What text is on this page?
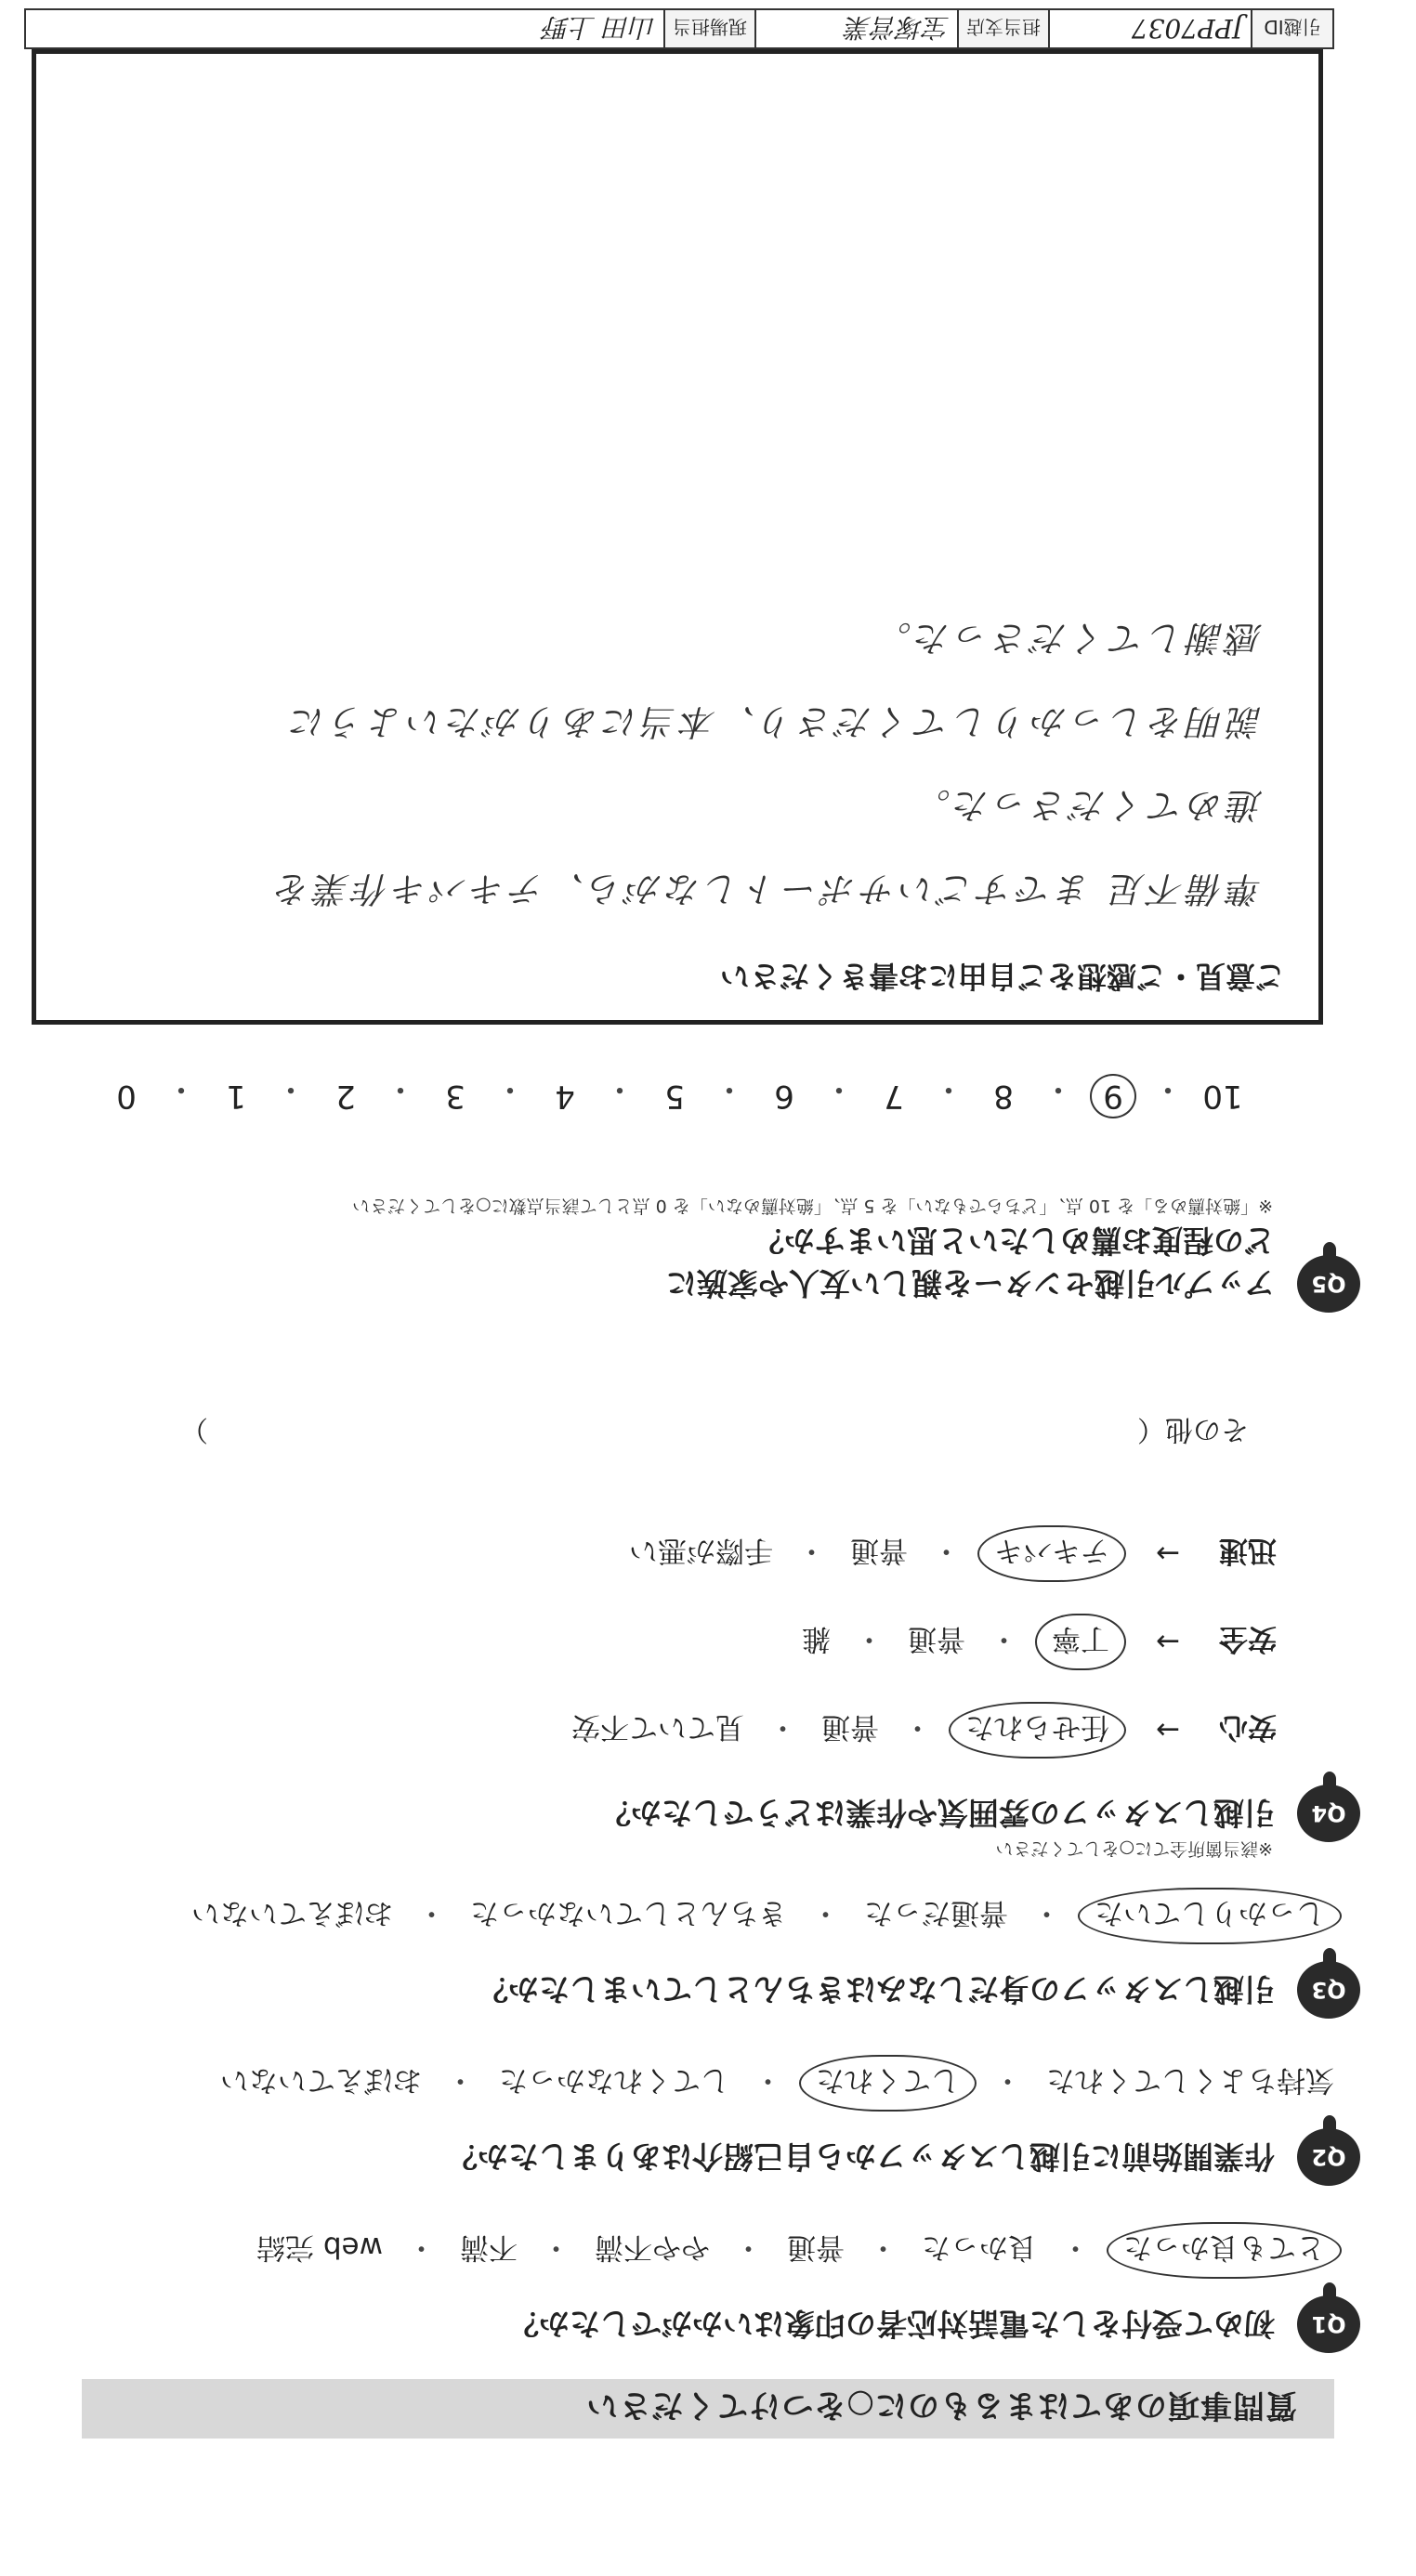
質問事項のあてはまるものに○をつけてください
Q1
初めて受付をした電話対応者の印象はいかがでしたか？
とても良かった
・
良かった
・
普通
・
やや不満
・
不満
・
web 完結
Q2
作業開始前に引越しスタッフから自己紹介はありましたか？
気持ちよくしてくれた
・
してくれた
・
してくれなかった
・
おぼえていない
Q3
引越しスタッフの身だしなみはきちんとしていましたか？
しっかりしていた
・
普通だった
・
きちんとしていなかった
・
おぼえていない
Q4
引越しスタッフの雰囲気や作業はどうでしたか？
※該当箇所全てに○をしてください
安心
→
任せられた
・
普通
・
見ていて不安
安全
→
丁寧
・
普通
・
雑
迅速
→
テキパキ
・
普通
・
手際が悪い
その他（
）
Q5
アップル引越センターを親しい友人や家族に
どの程度お薦めしたいと思いますか？
※「絶対薦める」を 10 点、「どちらでもない」を 5 点、「絶対薦めない」を 0 点として該当点数に○をしてください
10
・
9
・
8
・
7
・
6
・
5
・
4
・
3
・
2
・
1
・
0
ご意見・ご感想をご自由にお書きください
準備不足 まですごいサポートしながら、テキパキ作業を
進めてくださった。
説明をしっかりしてくださり、本当にありがたいように
感謝してくださった。
引越ID	JPP7037	担当支店	宝塚営業	現場担当	山田 上野
